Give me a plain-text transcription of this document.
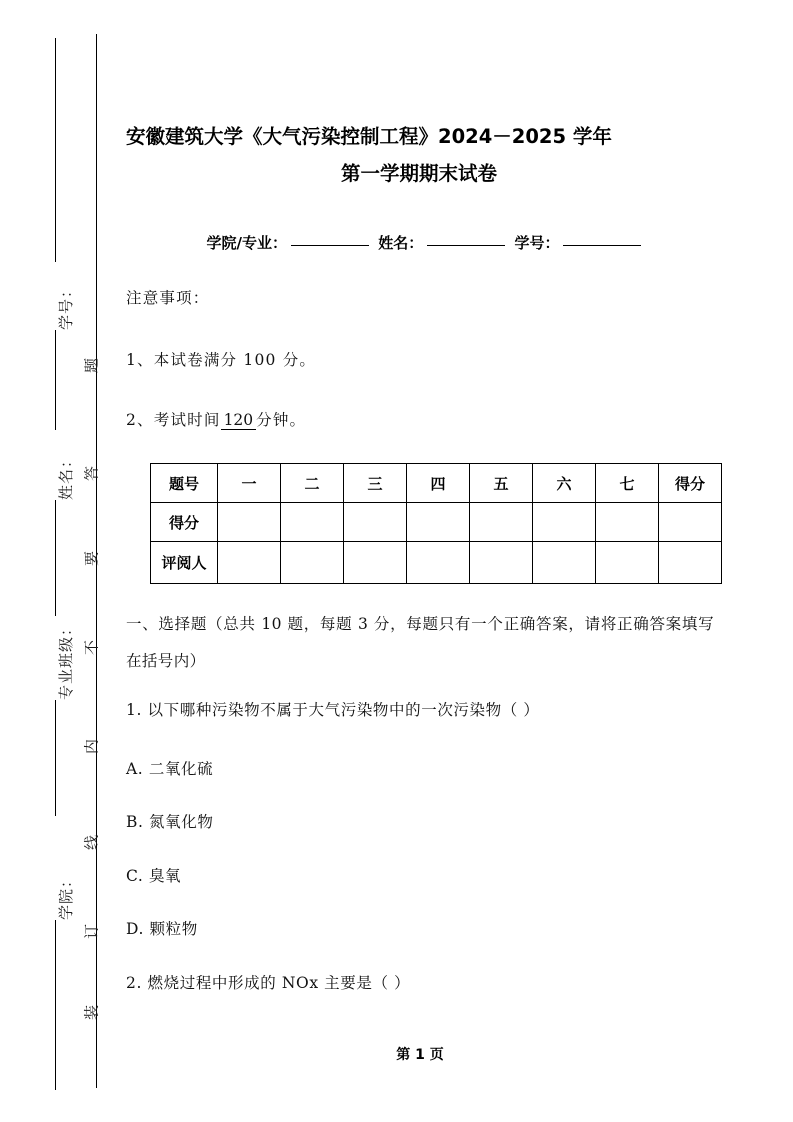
学号：
姓名：
专业班级：
学院：
题
答
要
不
内
线
订
装
安徽建筑大学《大气污染控制工程》2024－2025 学年
第一学期期末试卷
学院/专业：	姓名：	学号：
注意事项：
1、本试卷满分 100 分。
2、考试时间 120 分钟。
题号	一	二	三	四	五	六	七	得分
得分								
评阅人								
一、选择题（总共 10 题，每题 3 分，每题只有一个正确答案，请将正确答案填写在括号内）
1. 以下哪种污染物不属于大气污染物中的一次污染物（ ）
A. 二氧化硫
B. 氮氧化物
C. 臭氧
D. 颗粒物
2. 燃烧过程中形成的 NOx 主要是（ ）
第 1 页
